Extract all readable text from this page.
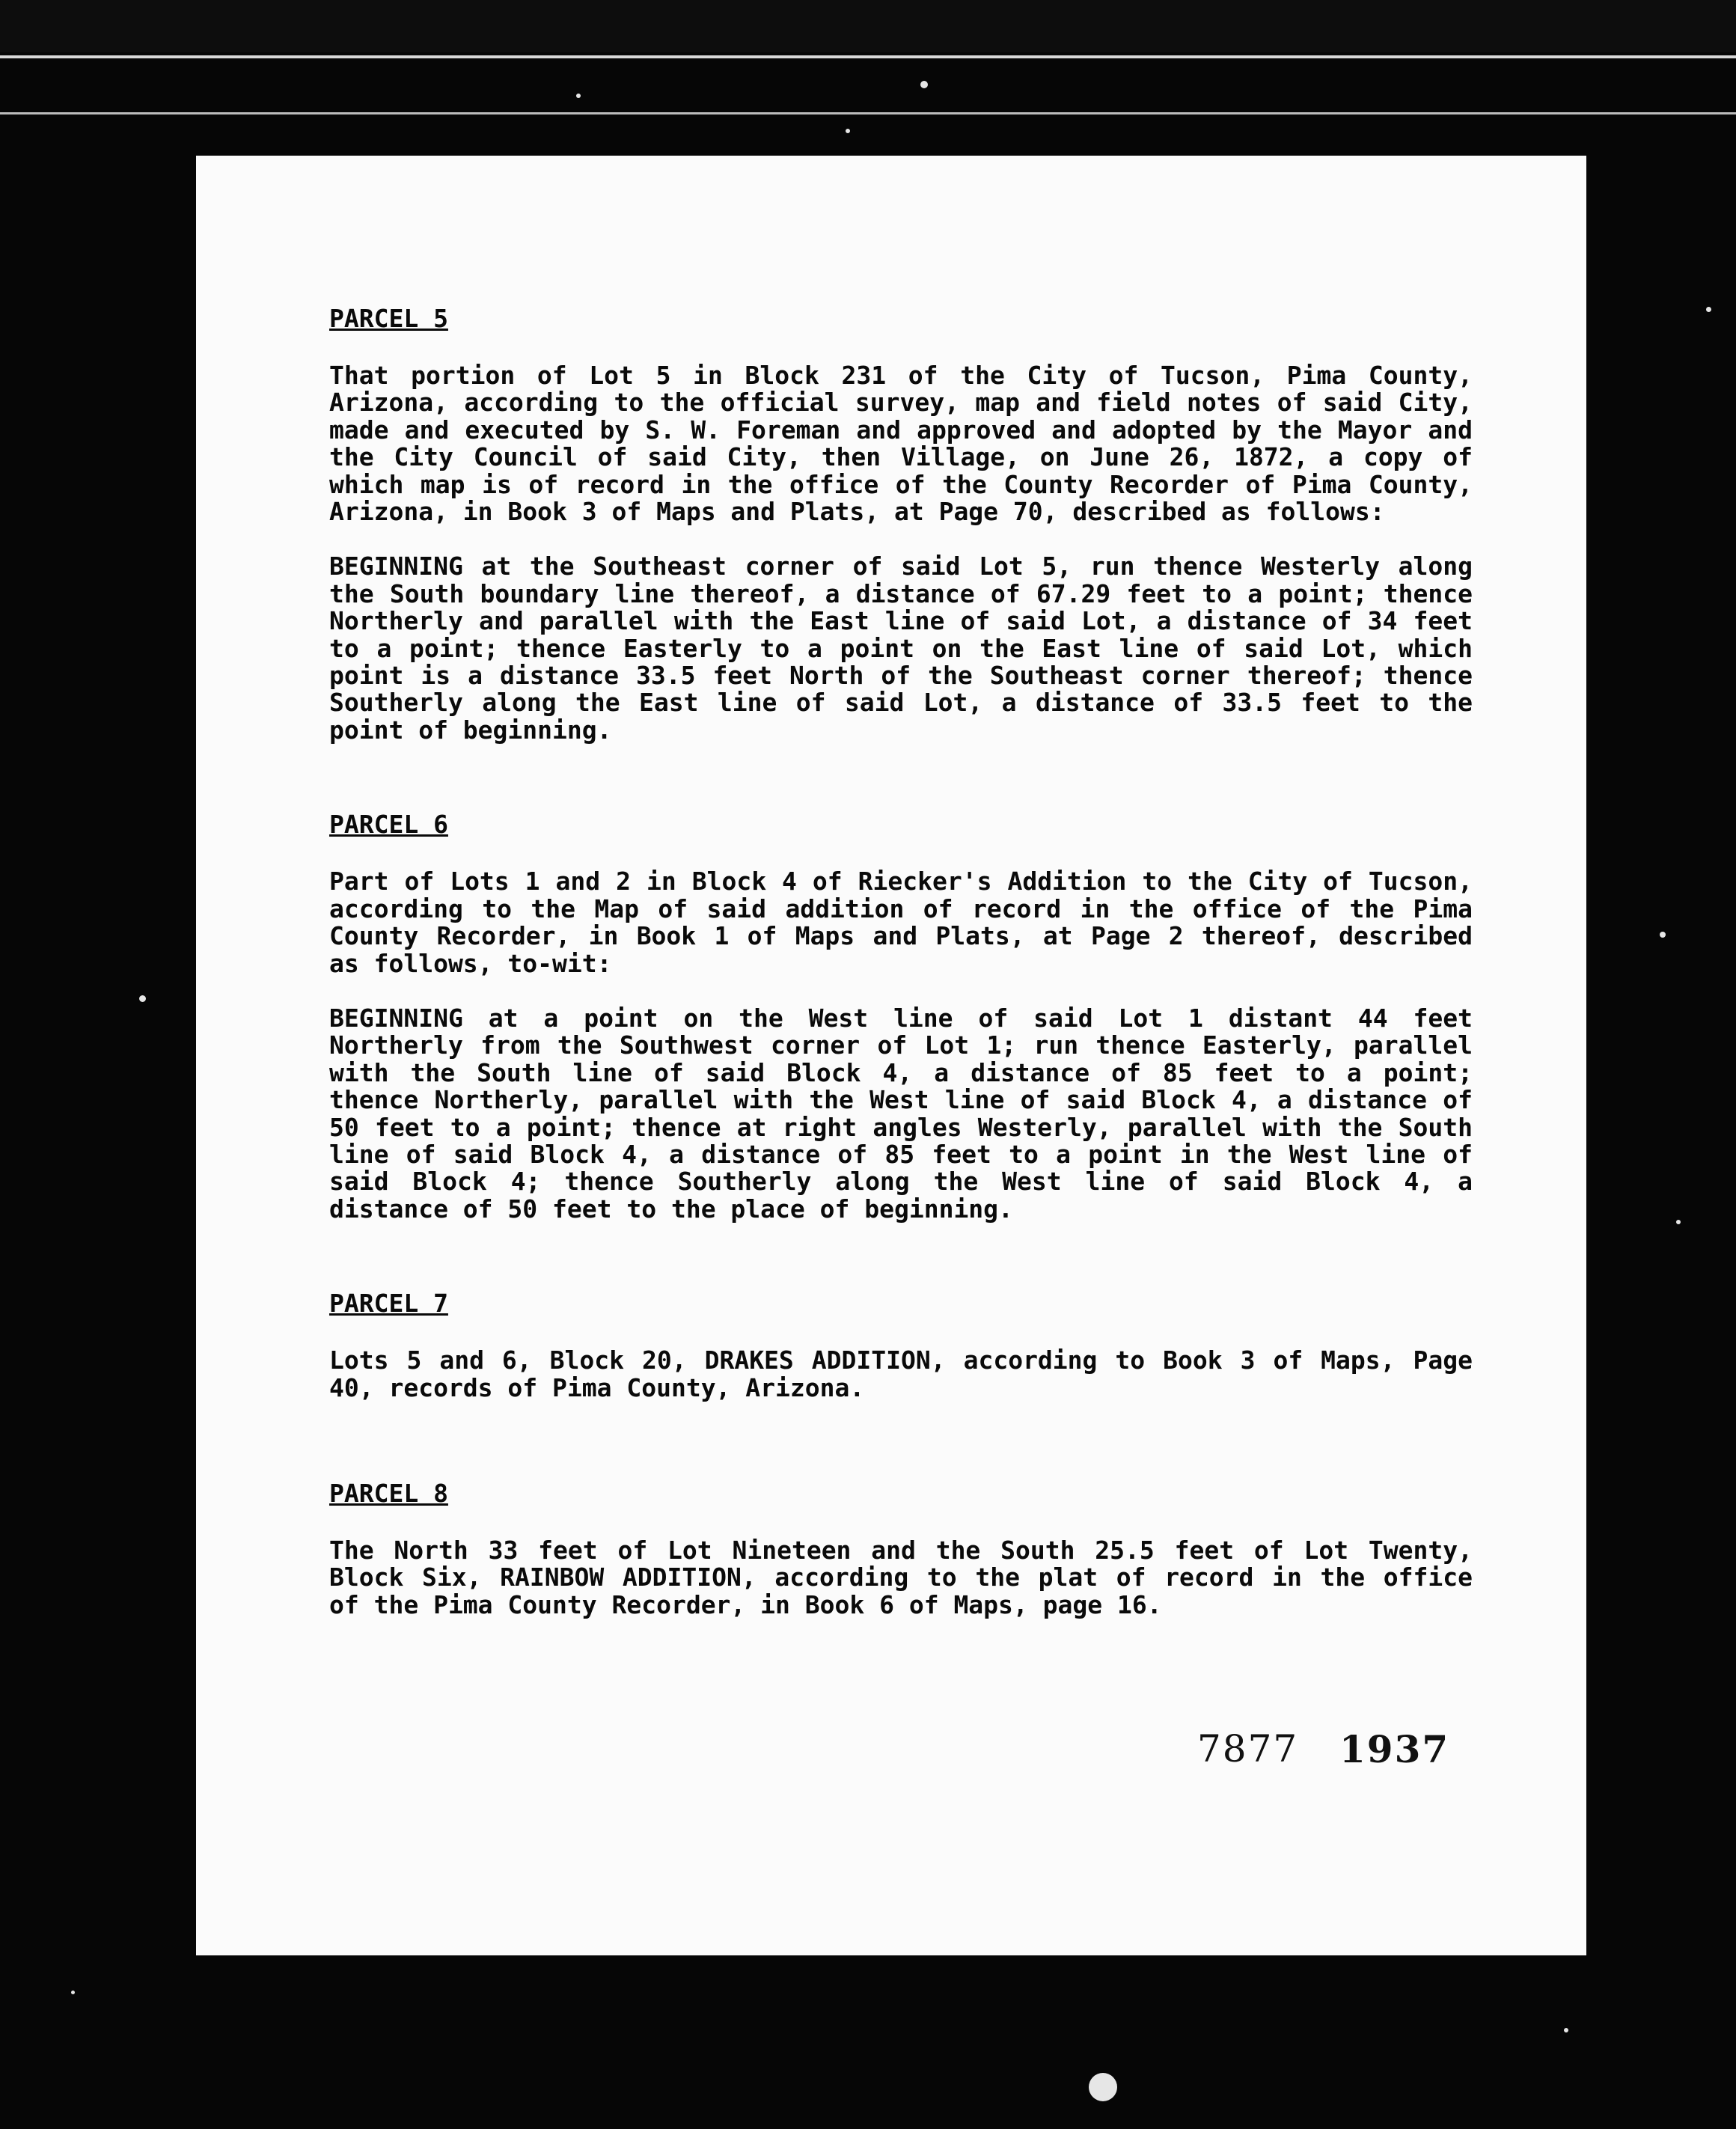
PARCEL 5
That portion of Lot 5 in Block 231 of the City of Tucson, Pima County, Arizona, according to the official survey, map and field notes of said City, made and executed by S. W. Foreman and approved and adopted by the Mayor and the City Council of said City, then Village, on June 26, 1872, a copy of which map is of record in the office of the County Recorder of Pima County, Arizona, in Book 3 of Maps and Plats, at Page 70, described as follows:
BEGINNING at the Southeast corner of said Lot 5, run thence Westerly along the South boundary line thereof, a distance of 67.29 feet to a point; thence Northerly and parallel with the East line of said Lot, a distance of 34 feet to a point; thence Easterly to a point on the East line of said Lot, which point is a distance 33.5 feet North of the Southeast corner thereof; thence Southerly along the East line of said Lot, a distance of 33.5 feet to the point of beginning.
PARCEL 6
Part of Lots 1 and 2 in Block 4 of Riecker's Addition to the City of Tucson, according to the Map of said addition of record in the office of the Pima County Recorder, in Book 1 of Maps and Plats, at Page 2 thereof, described as follows, to-wit:
BEGINNING at a point on the West line of said Lot 1 distant 44 feet Northerly from the Southwest corner of Lot 1; run thence Easterly, parallel with the South line of said Block 4, a distance of 85 feet to a point; thence Northerly, parallel with the West line of said Block 4, a distance of 50 feet to a point; thence at right angles Westerly, parallel with the South line of said Block 4, a distance of 85 feet to a point in the West line of said Block 4; thence Southerly along the West line of said Block 4, a distance of 50 feet to the place of beginning.
PARCEL 7
Lots 5 and 6, Block 20, DRAKES ADDITION, according to Book 3 of Maps, Page 40, records of Pima County, Arizona.
PARCEL 8
The North 33 feet of Lot Nineteen and the South 25.5 feet of Lot Twenty, Block Six, RAINBOW ADDITION, according to the plat of record in the office of the Pima County Recorder, in Book 6 of Maps, page 16.
7877 1937
